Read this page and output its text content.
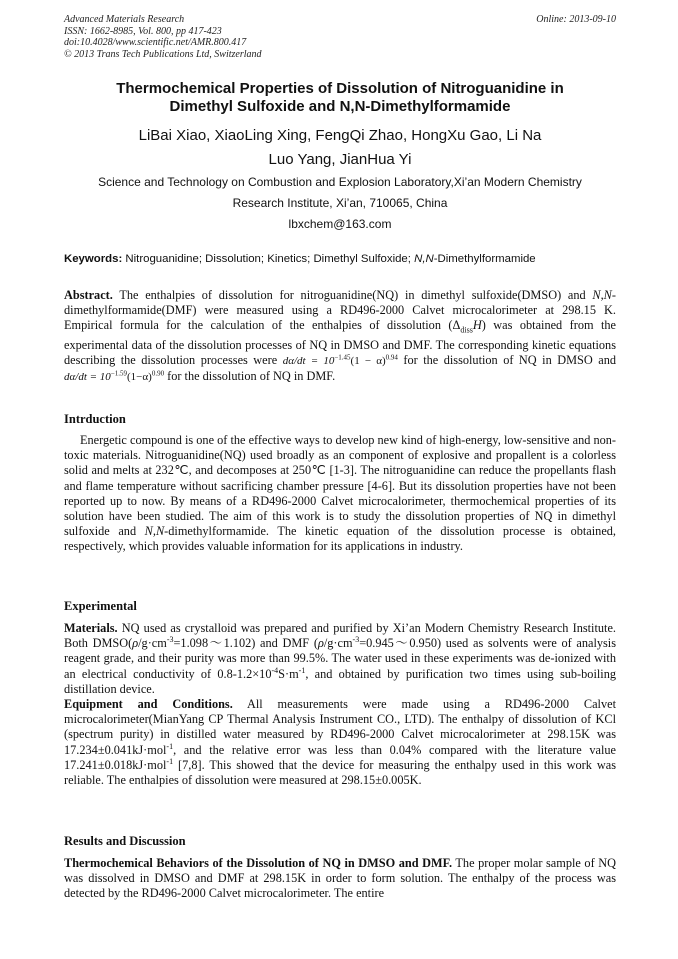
Advanced Materials Research
ISSN: 1662-8985, Vol. 800, pp 417-423
doi:10.4028/www.scientific.net/AMR.800.417
© 2013 Trans Tech Publications Ltd, Switzerland
Online: 2013-09-10
Thermochemical Properties of Dissolution of Nitroguanidine in
Dimethyl Sulfoxide and N,N-Dimethylformamide
LiBai Xiao, XiaoLing Xing, FengQi Zhao, HongXu Gao, Li Na
Luo Yang, JianHua Yi
Science and Technology on Combustion and Explosion Laboratory,Xi’an Modern Chemistry
Research Institute, Xi’an, 710065, China
lbxchem@163.com
Keywords: Nitroguanidine; Dissolution; Kinetics; Dimethyl Sulfoxide; N,N-Dimethylformamide
Abstract. The enthalpies of dissolution for nitroguanidine(NQ) in dimethyl sulfoxide(DMSO) and N,N-dimethylformamide(DMF) were measured using a RD496-2000 Calvet microcalorimeter at 298.15 K. Empirical formula for the calculation of the enthalpies of dissolution $(\Delta_{diss}H)$ was obtained from the experimental data of the dissolution processes of NQ in DMSO and DMF. The corresponding kinetic equations describing the dissolution processes were $d\alpha/dt = 10^{-1.45}(1 - \alpha)^{0.94}$ for the dissolution of NQ in DMSO and $d\alpha/dt = 10^{-1.59}(1-\alpha)^{0.90}$ for the dissolution of NQ in DMF.
Intrduction
Energetic compound is one of the effective ways to develop new kind of high-energy, low-sensitive and non-toxic materials. Nitroguanidine(NQ) used broadly as an component of explosive and propallent is a colorless solid and melts at 232℃, and decomposes at 250℃ [1-3]. The nitroguanidine can reduce the propellants flash and flame temperature without sacrificing chamber pressure [4-6]. But its dissolution properties have not been reported up to now. By means of a RD496-2000 Calvet microcalorimeter, thermochemical properties of its solution have been studied. The aim of this work is to study the dissolution properties of NQ in dimethyl sulfoxide and N,N-dimethylformamide. The kinetic equation of the dissolution processe is obtained, respectively, which provides valuable information for its applications in industry.
Experimental
Materials. NQ used as crystalloid was prepared and purified by Xi’an Modern Chemistry Research Institute. Both $DMSO(\rho/g\cdot cm^{-3}=1.098\sim 1.102)$ and DMF $(\rho/g\cdot cm^{-3}=0.945\sim 0.950)$ used as solvents were of analysis reagent grade, and their purity was more than 99.5%. The water used in these experiments was de-ionized with an electrical conductivity of $0.8-1.2\times 10^{-4}S\cdot m^{-1}$, and obtained by purification two times using sub-boiling distillation device.
Equipment and Conditions. All measurements were made using a RD496-2000 Calvet microcalorimeter(MianYang CP Thermal Analysis Instrument CO., LTD). The enthalpy of dissolution of KCl (spectrum purity) in distilled water measured by RD496-2000 Calvet microcalorimeter at 298.15K was 17.234±0.041kJ·mol$^{-1}$, and the relative error was less than 0.04% compared with the literature value 17.241±0.018kJ·mol$^{-1}$ [7,8]. This showed that the device for measuring the enthalpy used in this work was reliable. The enthalpies of dissolution were measured at 298.15±0.005K.
Results and Discussion
Thermochemical Behaviors of the Dissolution of NQ in DMSO and DMF. The proper molar sample of NQ was dissolved in DMSO and DMF at 298.15K in order to form solution. The enthalpy of the process was detected by the RD496-2000 Calvet microcalorimeter. The entire
